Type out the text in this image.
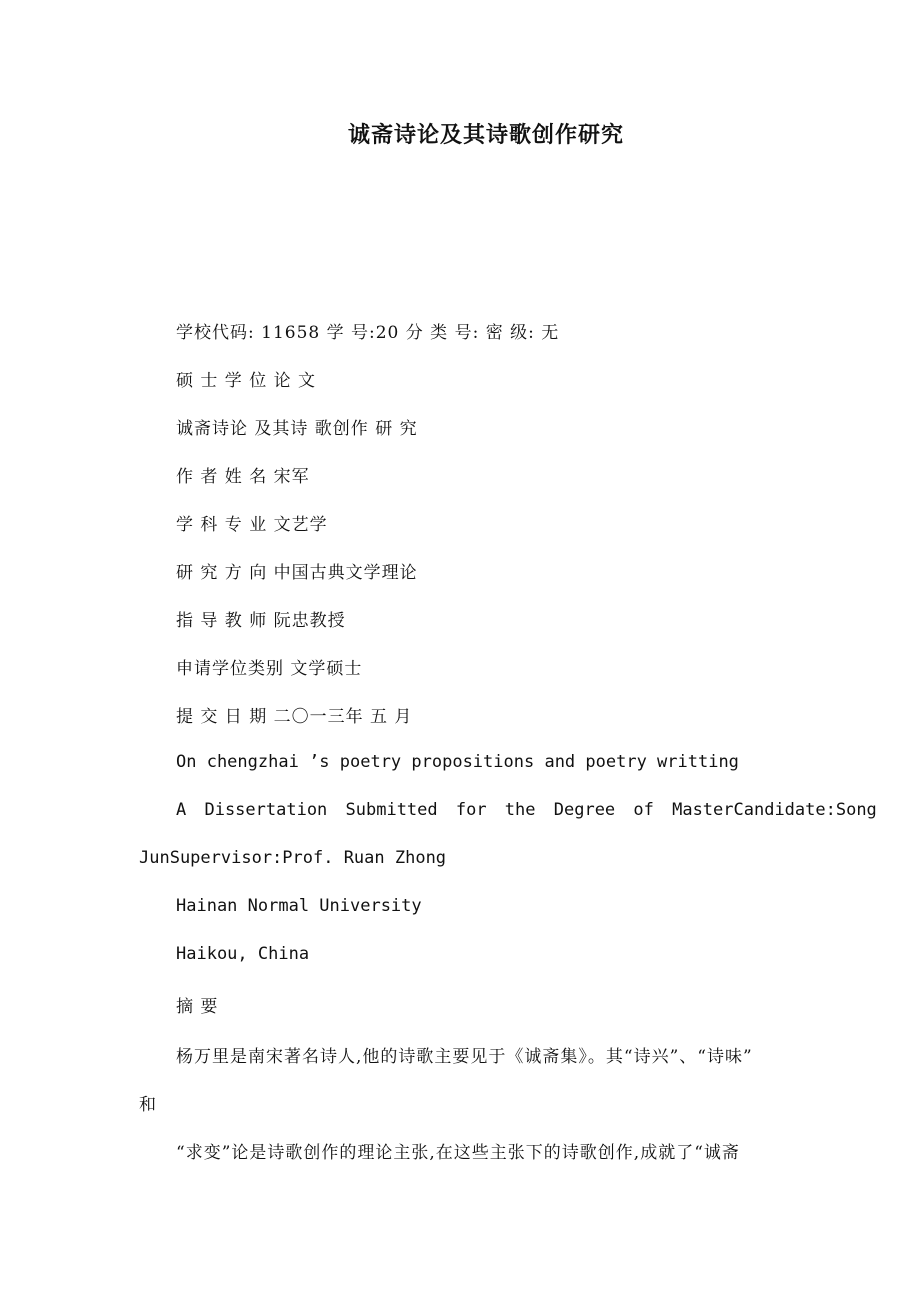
诚斋诗论及其诗歌创作研究
学校代码: 11658 学 号:20 分 类 号: 密 级: 无
硕 士 学 位 论 文
诚斋诗论 及其诗 歌创作 研 究
作 者 姓 名 宋军
学 科 专 业 文艺学
研 究 方 向 中国古典文学理论
指 导 教 师 阮忠教授
申请学位类别 文学硕士
提 交 日 期 二〇一三年 五 月
On chengzhai ’s poetry propositions and poetry writting
A Dissertation Submitted for the Degree of MasterCandidate:Song
JunSupervisor:Prof. Ruan Zhong
Hainan Normal University
Haikou, China
摘 要
杨万里是南宋著名诗人,他的诗歌主要见于《诚斋集》。其“诗兴”、“诗味”
和
“求变”论是诗歌创作的理论主张,在这些主张下的诗歌创作,成就了“诚斋
